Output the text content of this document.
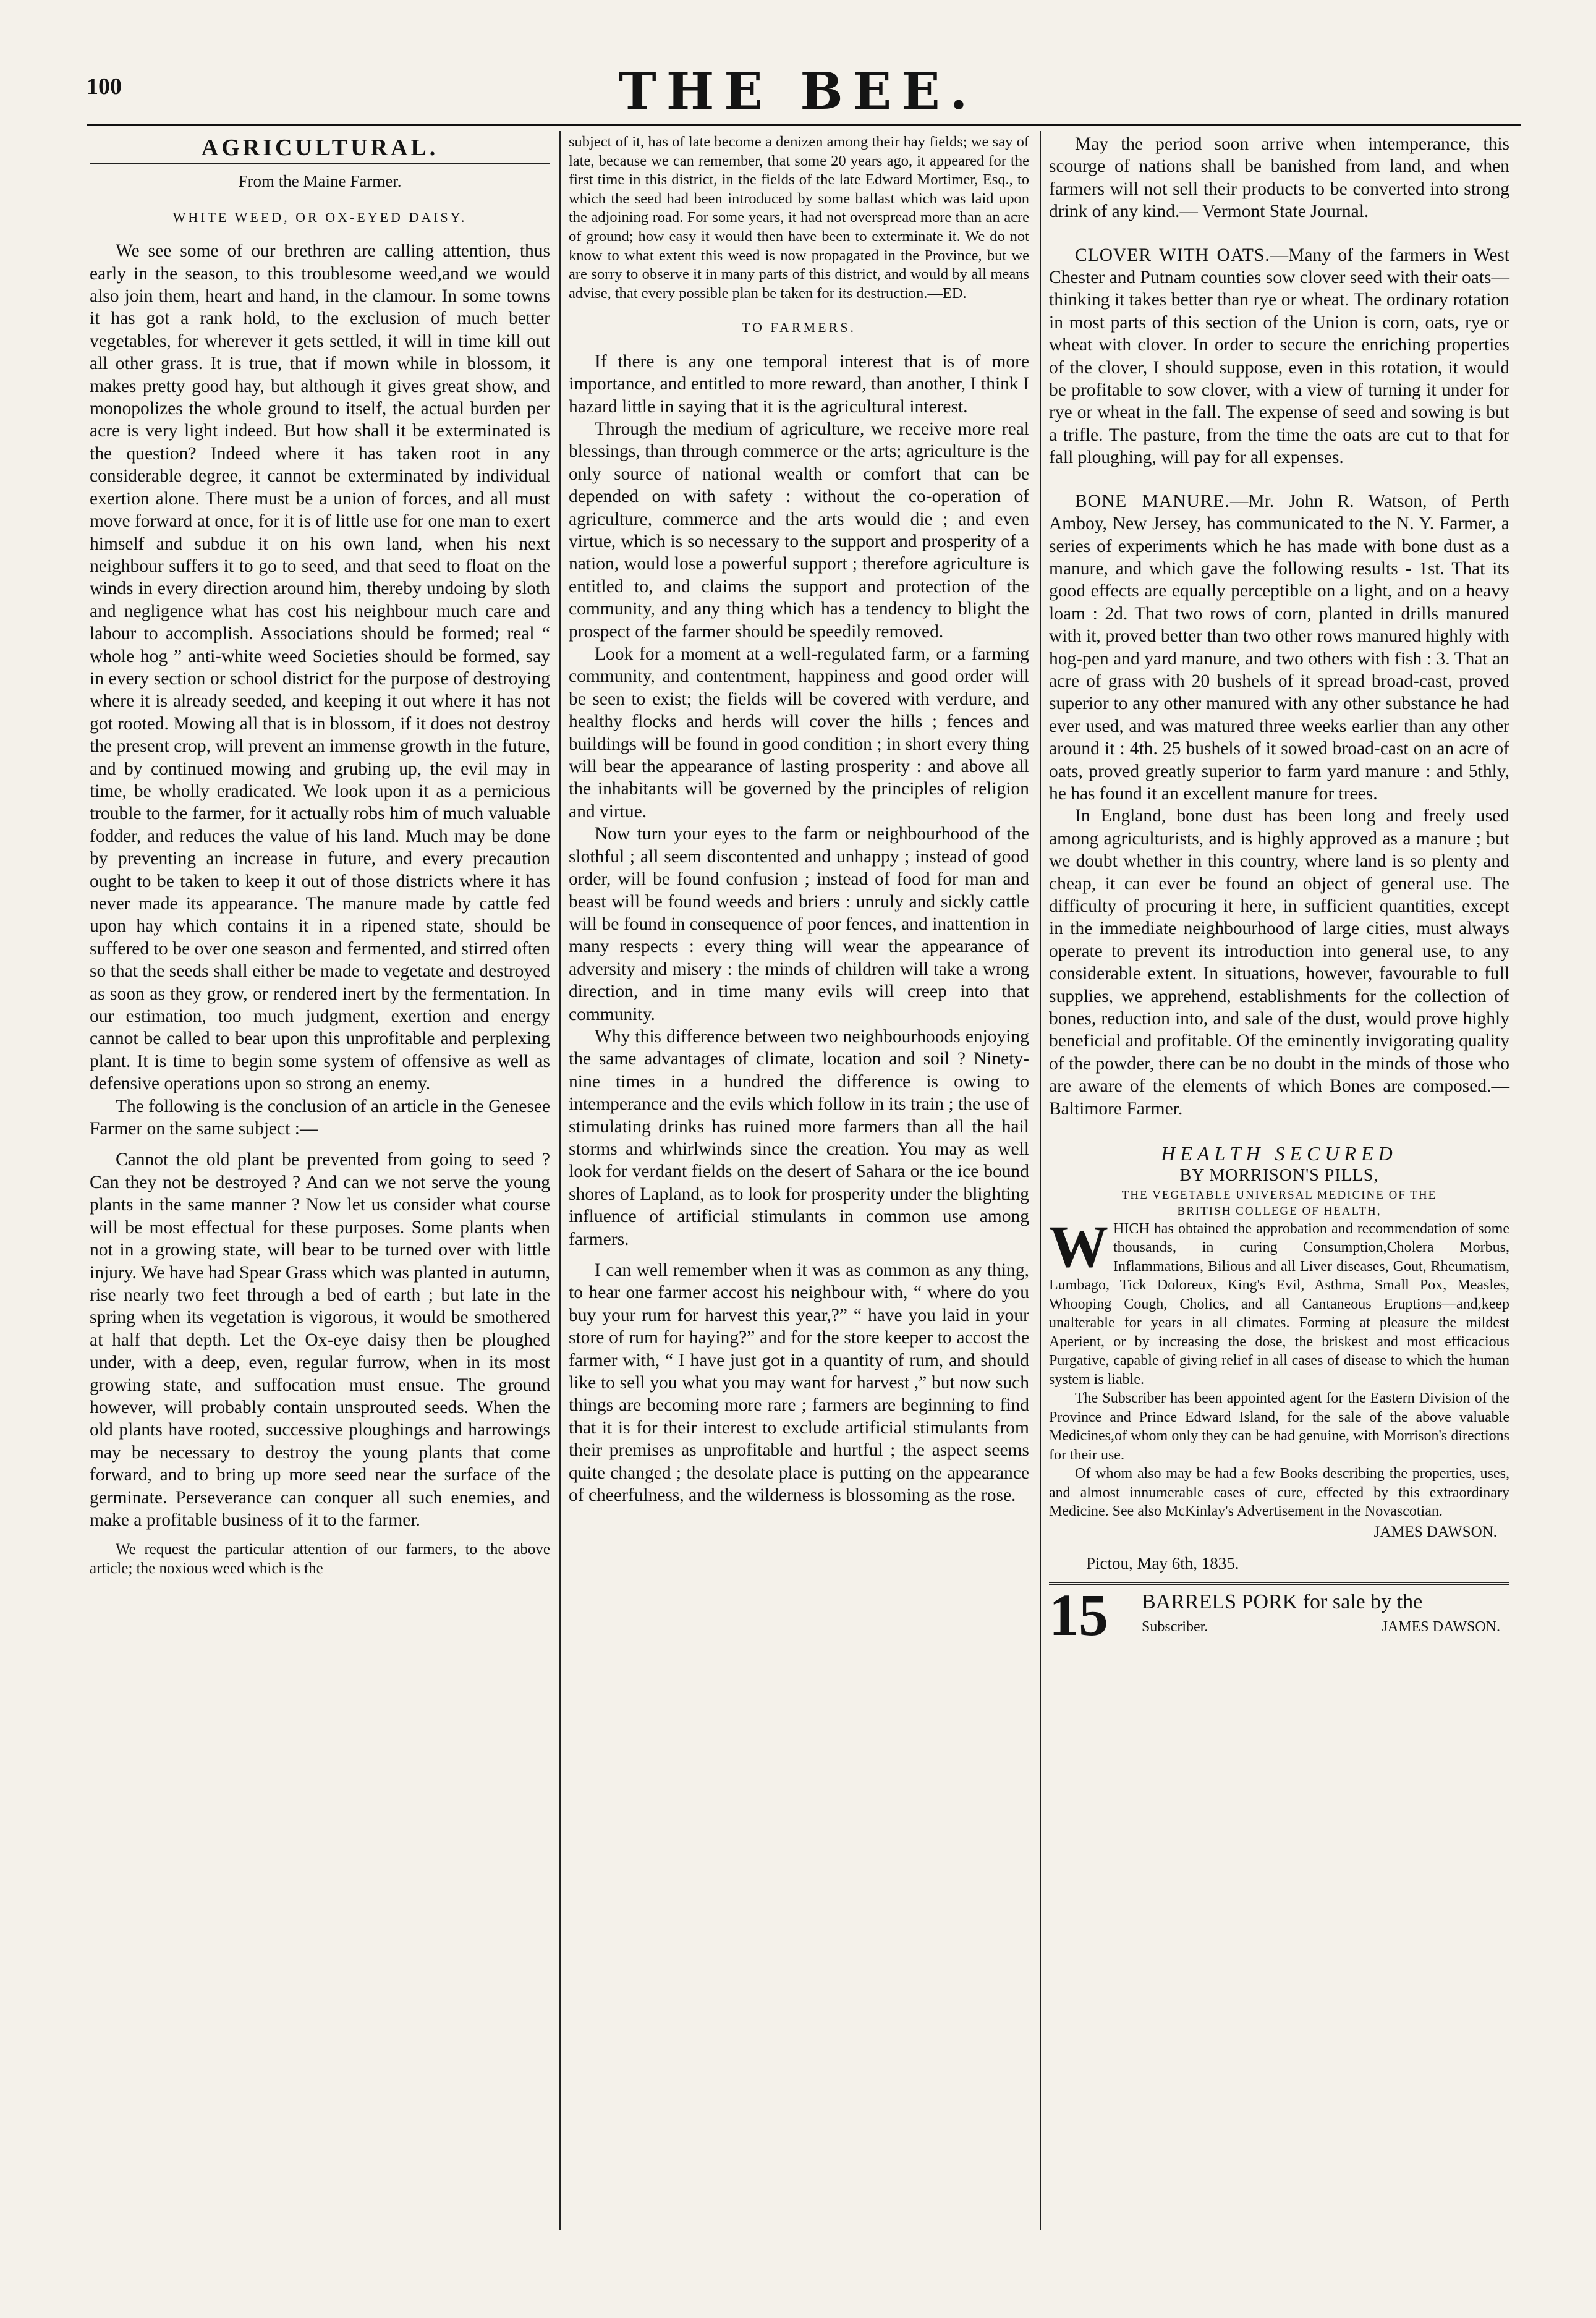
100	THE BEE.
AGRICULTURAL.
From the Maine Farmer.
WHITE WEED, OR OX-EYED DAISY.

We see some of our brethren are calling attention, thus early in the season, to this troublesome weed,and we would also join them, heart and hand, in the clamour. In some towns it has got a rank hold, to the exclusion of much better vegetables, for wherever it gets settled, it will in time kill out all other grass. It is true, that if mown while in blossom, it makes pretty good hay, but although it gives great show, and monopolizes the whole ground to itself, the actual burden per acre is very light indeed. But how shall it be exterminated is the question? Indeed where it has taken root in any considerable degree, it cannot be exterminated by individual exertion alone. There must be a union of forces, and all must move forward at once, for it is of little use for one man to exert himself and subdue it on his own land, when his next neighbour suffers it to go to seed, and that seed to float on the winds in every direction around him, thereby undoing by sloth and negligence what has cost his neighbour much care and labour to accomplish. Associations should be formed; real “ whole hog ” anti-white weed Societies should be formed, say in every section or school district for the purpose of destroying where it is already seeded, and keeping it out where it has not got rooted. Mowing all that is in blossom, if it does not destroy the present crop, will prevent an immense growth in the future, and by continued mowing and grubing up, the evil may in time, be wholly eradicated. We look upon it as a pernicious trouble to the farmer, for it actually robs him of much valuable fodder, and reduces the value of his land. Much may be done by preventing an increase in future, and every precaution ought to be taken to keep it out of those districts where it has never made its appearance. The manure made by cattle fed upon hay which contains it in a ripened state, should be suffered to be over one season and fermented, and stirred often so that the seeds shall either be made to vegetate and destroyed as soon as they grow, or rendered inert by the fermentation. In our estimation, too much judgment, exertion and energy cannot be called to bear upon this unprofitable and perplexing plant. It is time to begin some system of offensive as well as defensive operations upon so strong an enemy.

The following is the conclusion of an article in the Genesee Farmer on the same subject :—

Cannot the old plant be prevented from going to seed ? Can they not be destroyed ? And can we not serve the young plants in the same manner ? Now let us consider what course will be most effectual for these purposes. Some plants when not in a growing state, will bear to be turned over with little injury. We have had Spear Grass which was planted in autumn, rise nearly two feet through a bed of earth ; but late in the spring when its vegetation is vigorous, it would be smothered at half that depth. Let the Ox-eye daisy then be ploughed under, with a deep, even, regular furrow, when in its most growing state, and suffocation must ensue. The ground however, will probably contain unsprouted seeds. When the old plants have rooted, successive ploughings and harrowings may be necessary to destroy the young plants that come forward, and to bring up more seed near the surface of the germinate. Perseverance can conquer all such enemies, and make a profitable business of it to the farmer.

We request the particular attention of our farmers, to the above article; the noxious weed which is the

subject of it, has of late become a denizen among their hay fields; we say of late, because we can remember, that some 20 years ago, it appeared for the first time in this district, in the fields of the late Edward Mortimer, Esq., to which the seed had been introduced by some ballast which was laid upon the adjoining road. For some years, it had not overspread more than an acre of ground; how easy it would then have been to exterminate it. We do not know to what extent this weed is now propagated in the Province, but we are sorry to observe it in many parts of this district, and would by all means advise, that every possible plan be taken for its destruction.—ED.

TO FARMERS.

If there is any one temporal interest that is of more importance, and entitled to more reward, than another, I think I hazard little in saying that it is the agricultural interest.

Through the medium of agriculture, we receive more real blessings, than through commerce or the arts; agriculture is the only source of national wealth or comfort that can be depended on with safety : without the co-operation of agriculture, commerce and the arts would die ; and even virtue, which is so necessary to the support and prosperity of a nation, would lose a powerful support ; therefore agriculture is entitled to, and claims the support and protection of the community, and any thing which has a tendency to blight the prospect of the farmer should be speedily removed.

Look for a moment at a well-regulated farm, or a farming community, and contentment, happiness and good order will be seen to exist; the fields will be covered with verdure, and healthy flocks and herds will cover the hills ; fences and buildings will be found in good condition ; in short every thing will bear the appearance of lasting prosperity : and above all the inhabitants will be governed by the principles of religion and virtue.

Now turn your eyes to the farm or neighbourhood of the slothful ; all seem discontented and unhappy ; instead of good order, will be found confusion ; instead of food for man and beast will be found weeds and briers : unruly and sickly cattle will be found in consequence of poor fences, and inattention in many respects : every thing will wear the appearance of adversity and misery : the minds of children will take a wrong direction, and in time many evils will creep into that community.

Why this difference between two neighbourhoods enjoying the same advantages of climate, location and soil ? Ninety-nine times in a hundred the difference is owing to intemperance and the evils which follow in its train ; the use of stimulating drinks has ruined more farmers than all the hail storms and whirlwinds since the creation. You may as well look for verdant fields on the desert of Sahara or the ice bound shores of Lapland, as to look for prosperity under the blighting influence of artificial stimulants in common use among farmers.

I can well remember when it was as common as any thing, to hear one farmer accost his neighbour with, “ where do you buy your rum for harvest this year,?” “ have you laid in your store of rum for haying?” and for the store keeper to accost the farmer with, “ I have just got in a quantity of rum, and should like to sell you what you may want for harvest ,” but now such things are becoming more rare ; farmers are beginning to find that it is for their interest to exclude artificial stimulants from their premises as unprofitable and hurtful ; the aspect seems quite changed ; the desolate place is putting on the appearance of cheerfulness, and the wilderness is blossoming as the rose.

May the period soon arrive when intemperance, this scourge of nations shall be banished from land, and when farmers will not sell their products to be converted into strong drink of any kind.— Vermont State Journal.

CLOVER WITH OATS.—Many of the farmers in West Chester and Putnam counties sow clover seed with their oats—thinking it takes better than rye or wheat. The ordinary rotation in most parts of this section of the Union is corn, oats, rye or wheat with clover. In order to secure the enriching properties of the clover, I should suppose, even in this rotation, it would be profitable to sow clover, with a view of turning it under for rye or wheat in the fall. The expense of seed and sowing is but a trifle. The pasture, from the time the oats are cut to that for fall ploughing, will pay for all expenses.

BONE MANURE.—Mr. John R. Watson, of Perth Amboy, New Jersey, has communicated to the N. Y. Farmer, a series of experiments which he has made with bone dust as a manure, and which gave the following results - 1st. That its good effects are equally perceptible on a light, and on a heavy loam : 2d. That two rows of corn, planted in drills manured with it, proved better than two other rows manured highly with hog-pen and yard manure, and two others with fish : 3. That an acre of grass with 20 bushels of it spread broad-cast, proved superior to any other manured with any other substance he had ever used, and was matured three weeks earlier than any other around it : 4th. 25 bushels of it sowed broad-cast on an acre of oats, proved greatly superior to farm yard manure : and 5thly, he has found it an excellent manure for trees.

In England, bone dust has been long and freely used among agriculturists, and is highly approved as a manure ; but we doubt whether in this country, where land is so plenty and cheap, it can ever be found an object of general use. The difficulty of procuring it here, in sufficient quantities, except in the immediate neighbourhood of large cities, must always operate to prevent its introduction into general use, to any considerable extent. In situations, however, favourable to full supplies, we apprehend, establishments for the collection of bones, reduction into, and sale of the dust, would prove highly beneficial and profitable. Of the eminently invigorating quality of the powder, there can be no doubt in the minds of those who are aware of the elements of which Bones are composed.— Baltimore Farmer.

HEALTH SECURED
BY MORRISON'S PILLS,
THE VEGETABLE UNIVERSAL MEDICINE OF THE
BRITISH COLLEGE OF HEALTH,
WHICH has obtained the approbation and recommendation of some thousands, in curing Consumption,Cholera Morbus, Inflammations, Bilious and all Liver diseases, Gout, Rheumatism, Lumbago, Tick Doloreux, King's Evil, Asthma, Small Pox, Measles, Whooping Cough, Cholics, and all Cantaneous Eruptions—and,keep unalterable for years in all climates. Forming at pleasure the mildest Aperient, or by increasing the dose, the briskest and most efficacious Purgative, capable of giving relief in all cases of disease to which the human system is liable.

The Subscriber has been appointed agent for the Eastern Division of the Province and Prince Edward Island, for the sale of the above valuable Medicines,of whom only they can be had genuine, with Morrison's directions for their use.

Of whom also may be had a few Books describing the properties, uses, and almost innumerable cases of cure, effected by this extraordinary Medicine. See also McKinlay's Advertisement in the Novascotian.

JAMES DAWSON.
Pictou, May 6th, 1835.
15 BARRELS PORK for sale by the
Subscriber.	JAMES DAWSON.
